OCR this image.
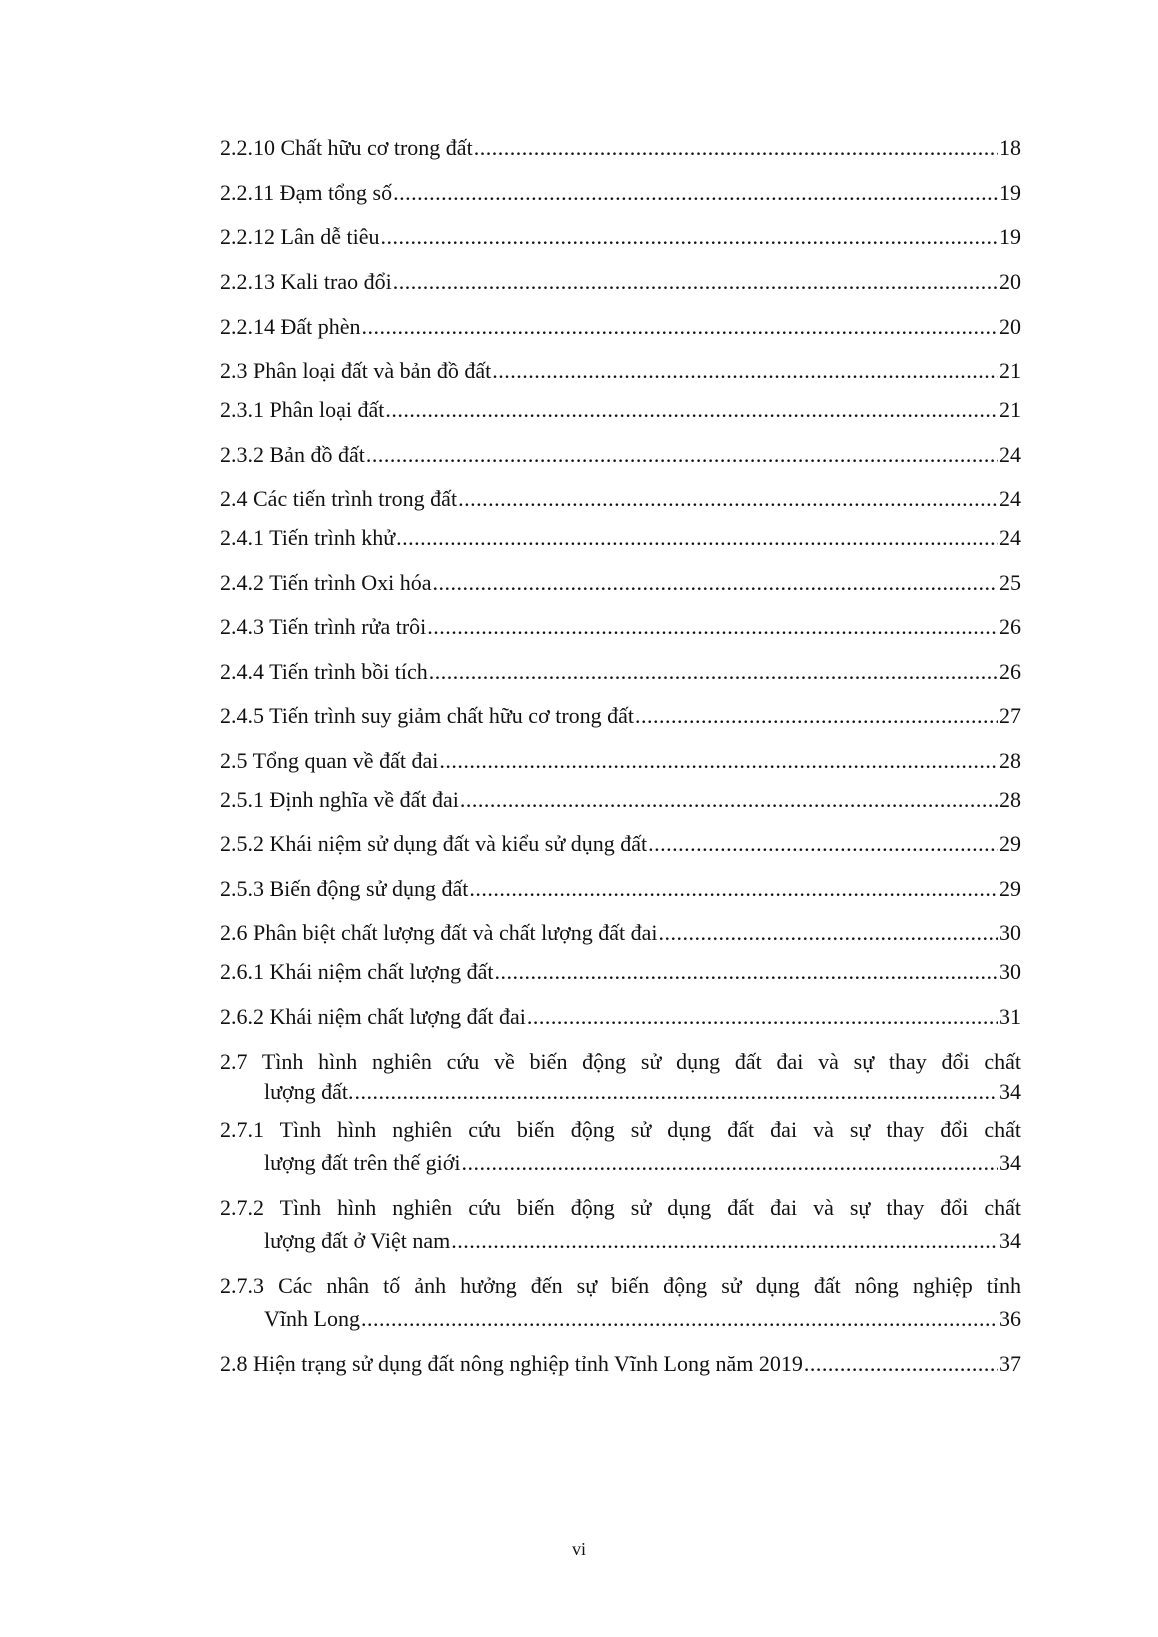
2.2.10 Chất hữu cơ trong đất .....	18
2.2.11 Đạm tổng số .....	19
2.2.12 Lân dễ tiêu .....	19
2.2.13 Kali trao đổi .....	20
2.2.14 Đất phèn .....	20
2.3 Phân loại đất và bản đồ đất .....	21
2.3.1 Phân loại đất .....	21
2.3.2 Bản đồ đất .....	24
2.4 Các tiến trình trong đất .....	24
2.4.1 Tiến trình khử .....	24
2.4.2 Tiến trình Oxi hóa .....	25
2.4.3 Tiến trình rửa trôi .....	26
2.4.4 Tiến trình bồi tích .....	26
2.4.5 Tiến trình suy giảm chất hữu cơ trong đất .....	27
2.5 Tổng quan về đất đai .....	28
2.5.1 Định nghĩa về đất đai .....	28
2.5.2 Khái niệm sử dụng đất và kiểu sử dụng đất .....	29
2.5.3 Biến động sử dụng đất .....	29
2.6 Phân biệt chất lượng đất và chất lượng đất đai .....	30
2.6.1 Khái niệm chất lượng đất .....	30
2.6.2 Khái niệm chất lượng đất đai .....	31
2.7 Tình hình nghiên cứu về biến động sử dụng đất đai và sự thay đổi chất
lượng đất. .....	34
2.7.1 Tình hình nghiên cứu biến động sử dụng đất đai và sự thay đổi chất
lượng đất trên thế giới .....	34
2.7.2 Tình hình nghiên cứu biến động sử dụng đất đai và sự thay đổi chất
lượng đất ở Việt nam .....	34
2.7.3 Các nhân tố ảnh hưởng đến sự biến động sử dụng đất nông nghiệp tỉnh
Vĩnh Long .....	36
2.8 Hiện trạng sử dụng đất nông nghiệp tỉnh Vĩnh Long năm 2019 .....	37
vi
